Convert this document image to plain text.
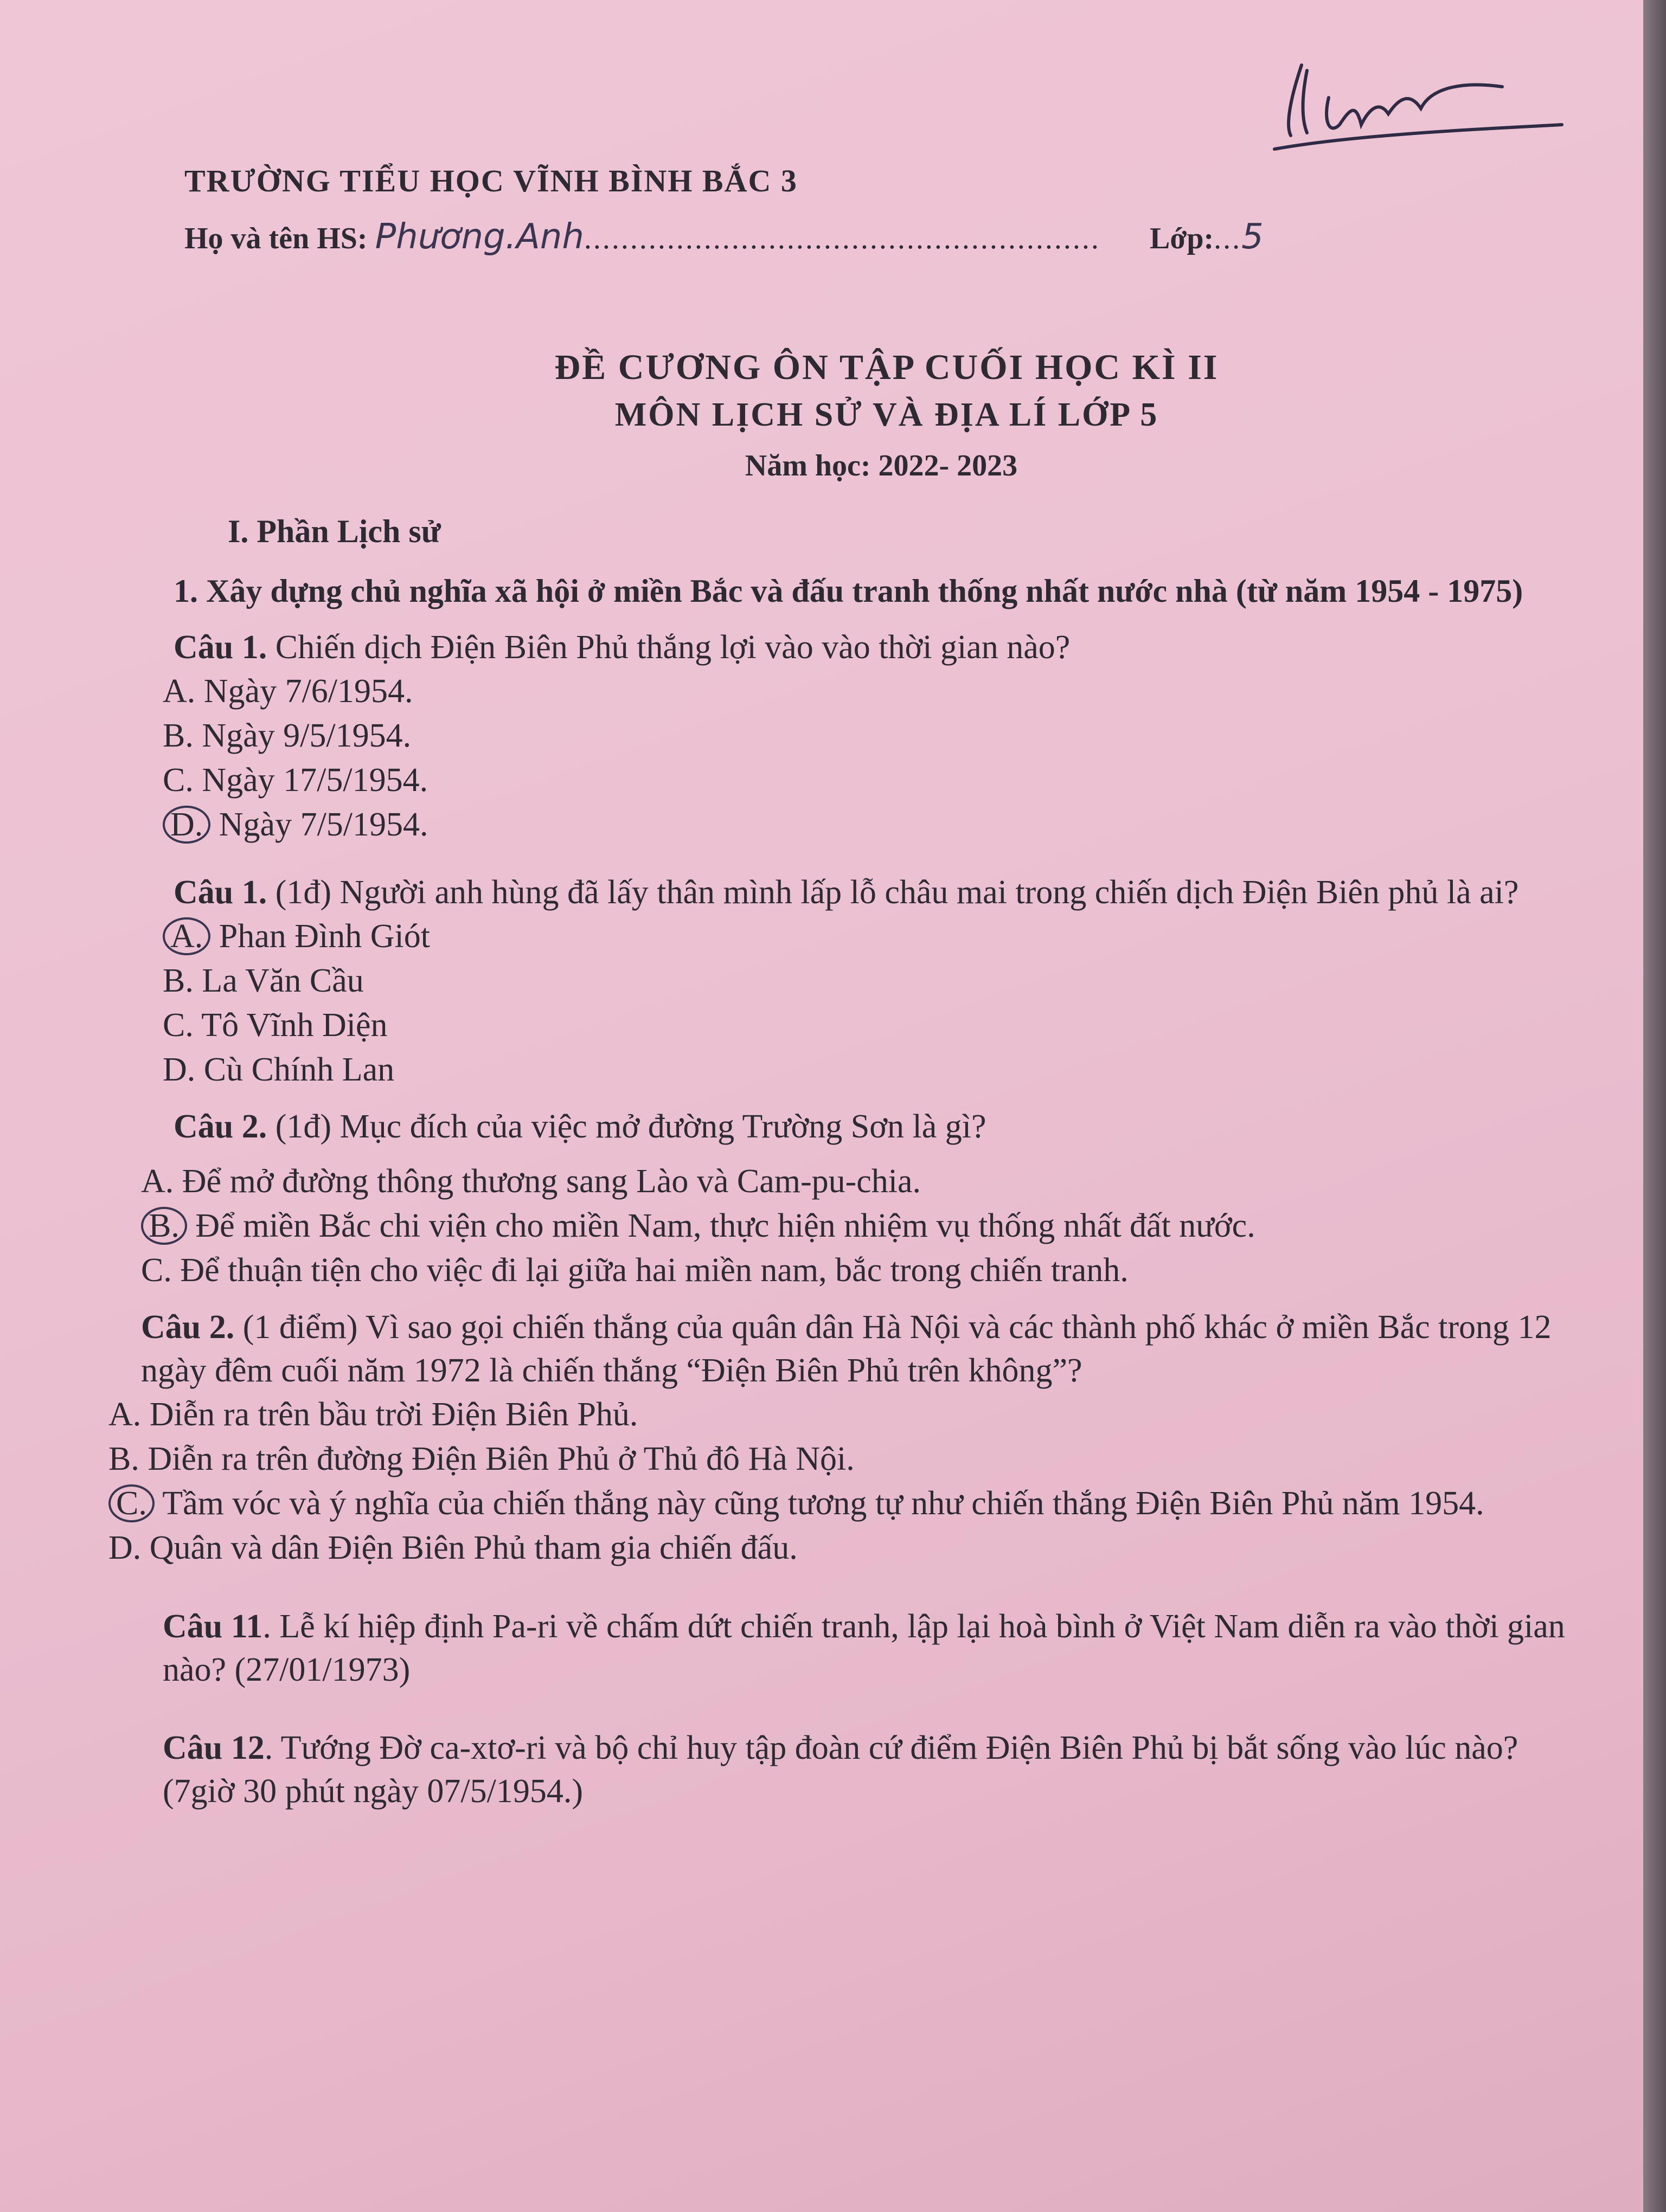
TRƯỜNG TIỂU HỌC VĨNH BÌNH BẮC 3
Họ và tên HS: Phương.Anh........................................................ Lớp:...5
ĐỀ CƯƠNG ÔN TẬP CUỐI HỌC KÌ II
MÔN LỊCH SỬ VÀ ĐỊA LÍ LỚP 5
Năm học: 2022- 2023
I. Phần Lịch sử
1. Xây dựng chủ nghĩa xã hội ở miền Bắc và đấu tranh thống nhất nước nhà (từ năm 1954 - 1975)
Câu 1. Chiến dịch Điện Biên Phủ thắng lợi vào vào thời gian nào?
A. Ngày 7/6/1954.
B. Ngày 9/5/1954.
C. Ngày 17/5/1954.
D. Ngày 7/5/1954.
Câu 1. (1đ) Người anh hùng đã lấy thân mình lấp lỗ châu mai trong chiến dịch Điện Biên phủ là ai?
A. Phan Đình Giót
B. La Văn Cầu
C. Tô Vĩnh Diện
D. Cù Chính Lan
Câu 2. (1đ) Mục đích của việc mở đường Trường Sơn là gì?
A. Để mở đường thông thương sang Lào và Cam-pu-chia.
B. Để miền Bắc chi viện cho miền Nam, thực hiện nhiệm vụ thống nhất đất nước.
C. Để thuận tiện cho việc đi lại giữa hai miền nam, bắc trong chiến tranh.
Câu 2. (1 điểm) Vì sao gọi chiến thắng của quân dân Hà Nội và các thành phố khác ở miền Bắc trong 12 ngày đêm cuối năm 1972 là chiến thắng “Điện Biên Phủ trên không”?
A. Diễn ra trên bầu trời Điện Biên Phủ.
B. Diễn ra trên đường Điện Biên Phủ ở Thủ đô Hà Nội.
C. Tầm vóc và ý nghĩa của chiến thắng này cũng tương tự như chiến thắng Điện Biên Phủ năm 1954.
D. Quân và dân Điện Biên Phủ tham gia chiến đấu.
Câu 11. Lễ kí hiệp định Pa-ri về chấm dứt chiến tranh, lập lại hoà bình ở Việt Nam diễn ra vào thời gian nào? (27/01/1973)
Câu 12. Tướng Đờ ca-xtơ-ri và bộ chỉ huy tập đoàn cứ điểm Điện Biên Phủ bị bắt sống vào lúc nào? (7giờ 30 phút ngày 07/5/1954.)
